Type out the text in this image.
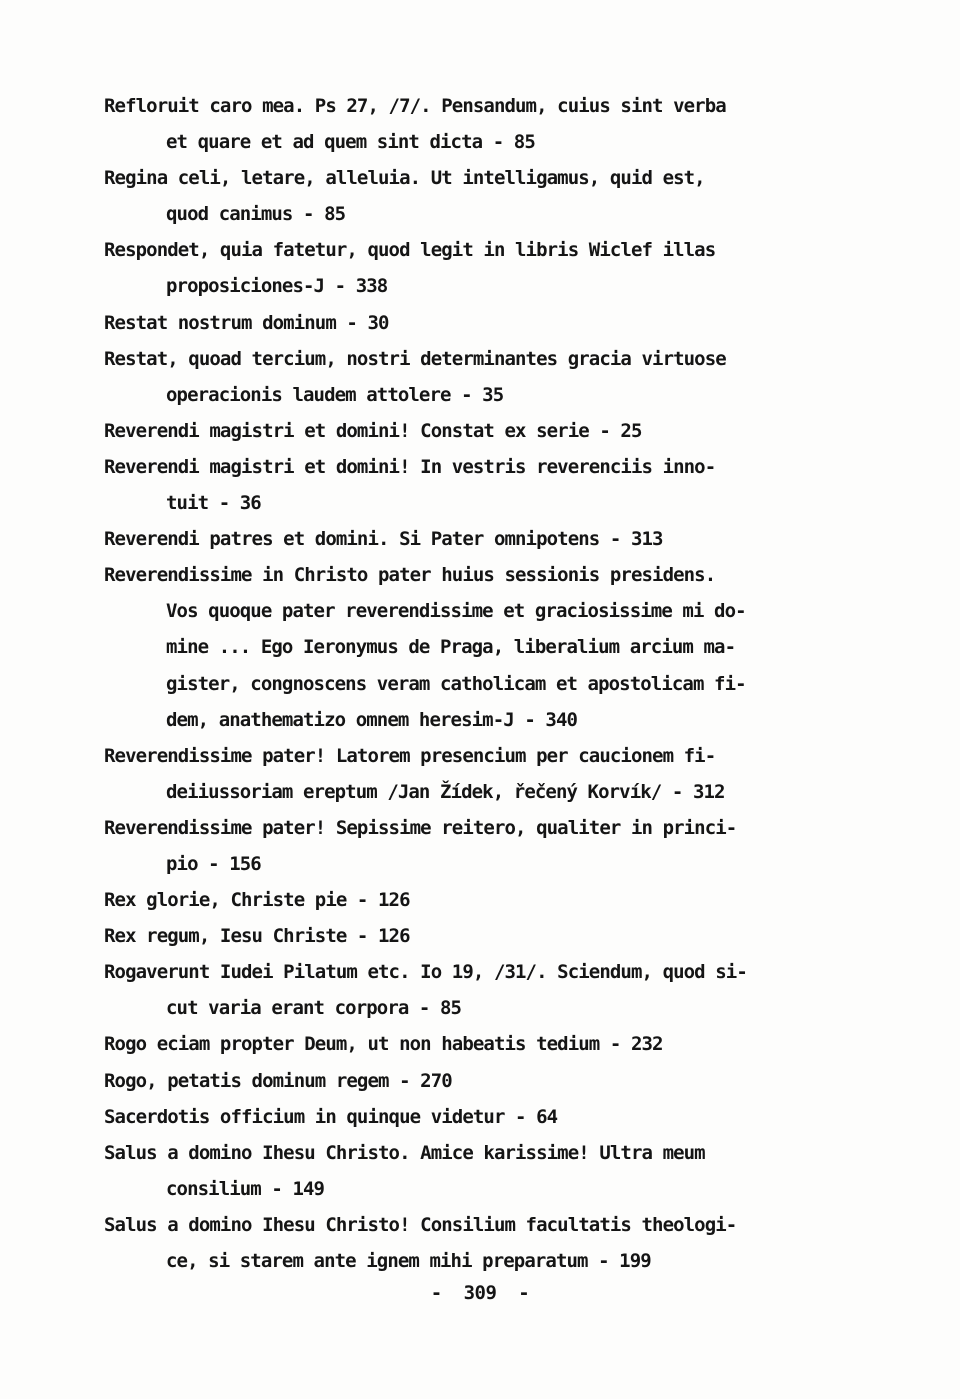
Refloruit caro mea. Ps 27, /7/. Pensandum, cuius sint verba
et quare et ad quem sint dicta - 85
Regina celi, letare, alleluia. Ut intelligamus, quid est,
quod canimus - 85
Respondet, quia fatetur, quod legit in libris Wiclef illas
proposiciones-J - 338
Restat nostrum dominum - 30
Restat, quoad tercium, nostri determinantes gracia virtuose
operacionis laudem attolere - 35
Reverendi magistri et domini! Constat ex serie - 25
Reverendi magistri et domini! In vestris reverenciis inno-
tuit - 36
Reverendi patres et domini. Si Pater omnipotens - 313
Reverendissime in Christo pater huius sessionis presidens.
Vos quoque pater reverendissime et graciosissime mi do-
mine ... Ego Ieronymus de Praga, liberalium arcium ma-
gister, congnoscens veram catholicam et apostolicam fi-
dem, anathematizo omnem heresim-J - 340
Reverendissime pater! Latorem presencium per caucionem fi-
deiiussoriam ereptum /Jan Žídek, řečený Korvík/ - 312
Reverendissime pater! Sepissime reitero, qualiter in princi-
pio - 156
Rex glorie, Christe pie - 126
Rex regum, Iesu Christe - 126
Rogaverunt Iudei Pilatum etc. Io 19, /31/. Sciendum, quod si-
cut varia erant corpora - 85
Rogo eciam propter Deum, ut non habeatis tedium - 232
Rogo, petatis dominum regem - 270
Sacerdotis officium in quinque videtur - 64
Salus a domino Ihesu Christo. Amice karissime! Ultra meum
consilium - 149
Salus a domino Ihesu Christo! Consilium facultatis theologi-
ce, si starem ante ignem mihi preparatum - 199
-  309  -
